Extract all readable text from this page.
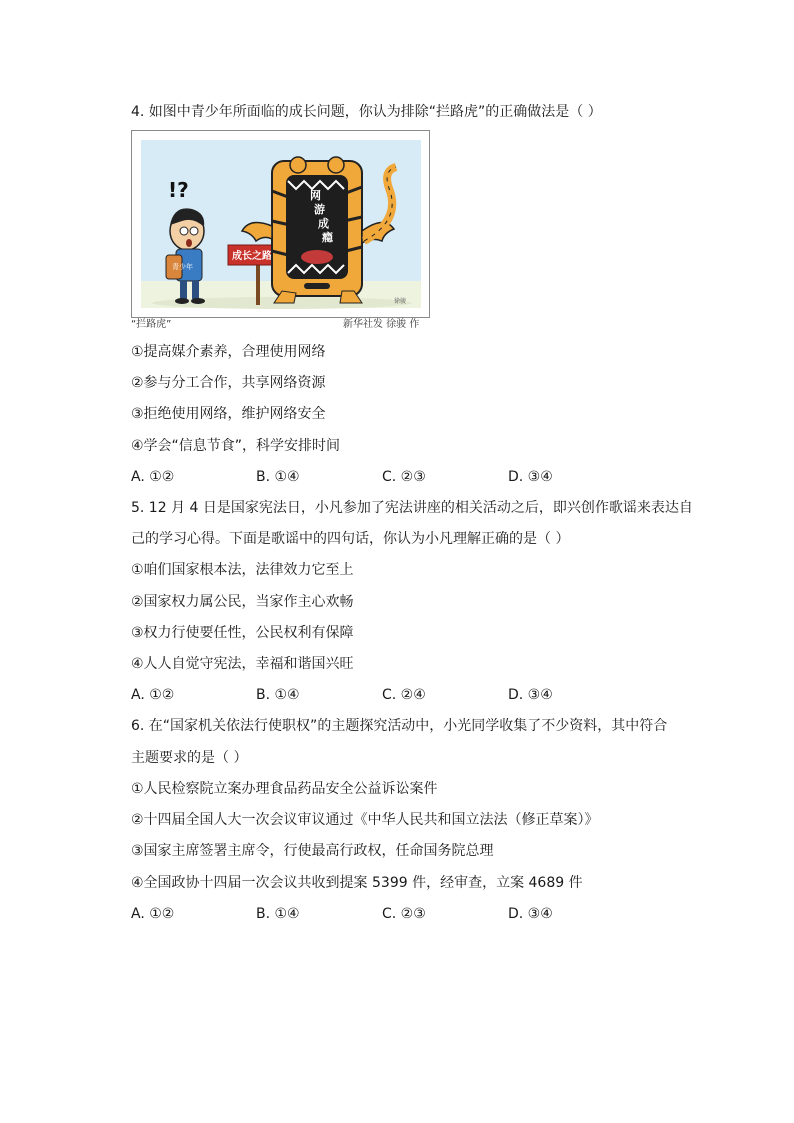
4. 如图中青少年所面临的成长问题，你认为排除“拦路虎”的正确做法是（ ）
!?
青少年
成长之路
网
游
成
瘾
徐骏
“拦路虎”	新华社发 徐骏 作
①提高媒介素养，合理使用网络
②参与分工合作，共享网络资源
③拒绝使用网络，维护网络安全
④学会“信息节食”，科学安排时间
A. ①②	B. ①④	C. ②③	D. ③④
5. 12 月 4 日是国家宪法日，小凡参加了宪法讲座的相关活动之后，即兴创作歌谣来表达自
己的学习心得。下面是歌谣中的四句话，你认为小凡理解正确的是（ ）
①咱们国家根本法，法律效力它至上
②国家权力属公民，当家作主心欢畅
③权力行使要任性，公民权利有保障
④人人自觉守宪法，幸福和谐国兴旺
A. ①②	B. ①④	C. ②④	D. ③④
6. 在“国家机关依法行使职权”的主题探究活动中，小光同学收集了不少资料，其中符合
主题要求的是（ ）
①人民检察院立案办理食品药品安全公益诉讼案件
②十四届全国人大一次会议审议通过《中华人民共和国立法法（修正草案）》
③国家主席签署主席令，行使最高行政权，任命国务院总理
④全国政协十四届一次会议共收到提案 5399 件，经审查，立案 4689 件
A. ①②	B. ①④	C. ②③	D. ③④
